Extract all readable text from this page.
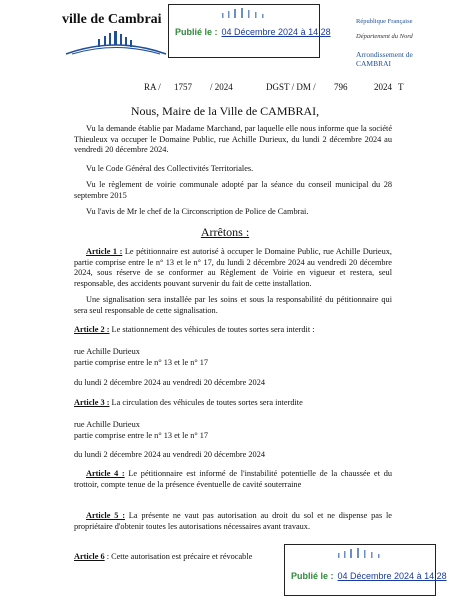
ville de Cambrai
Publié le : 04 Décembre 2024 à 14:28
République Française
Département du Nord
Arrondissement de CAMBRAI
RA / 1757 / 2024	DGST / DM / 796	2024 T
Nous, Maire de la Ville de CAMBRAI,
Vu la demande établie par Madame Marchand, par laquelle elle nous informe que la société Thieuleux va occuper le Domaine Public, rue Achille Durieux, du lundi 2 décembre 2024 au vendredi 20 décembre 2024.
Vu le Code Général des Collectivités Territoriales.
Vu le règlement de voirie communale adopté par la séance du conseil municipal du 28 septembre 2015
Vu l'avis de Mr le chef de la Circonscription de Police de Cambrai.
Arrêtons :
Article 1 : Le pétitionnaire est autorisé à occuper le Domaine Public, rue Achille Durieux, partie comprise entre le n° 13 et le n° 17, du lundi 2 décembre 2024 au vendredi 20 décembre 2024, sous réserve de se conformer au Règlement de Voirie en vigueur et restera, seul responsable, des accidents pouvant survenir du fait de cette installation.
Une signalisation sera installée par les soins et sous la responsabilité du pétitionnaire qui sera seul responsable de cette signalisation.
Article 2 : Le stationnement des véhicules de toutes sortes sera interdit :
rue Achille Durieux
partie comprise entre le n° 13 et le n° 17
du lundi 2 décembre 2024 au vendredi 20 décembre 2024
Article 3 : La circulation des véhicules de toutes sortes sera interdite
rue Achille Durieux
partie comprise entre le n° 13 et le n° 17
du lundi 2 décembre 2024 au vendredi 20 décembre 2024
Article 4 : Le pétitionnaire est informé de l'instabilité potentielle de la chaussée et du trottoir, compte tenue de la présence éventuelle de cavité souterraine
Article 5 : La présente ne vaut pas autorisation au droit du sol et ne dispense pas le propriétaire d'obtenir toutes les autorisations nécessaires avant travaux.
Article 6 : Cette autorisation est précaire et révocable
Publié le : 04 Décembre 2024 à 14:28
